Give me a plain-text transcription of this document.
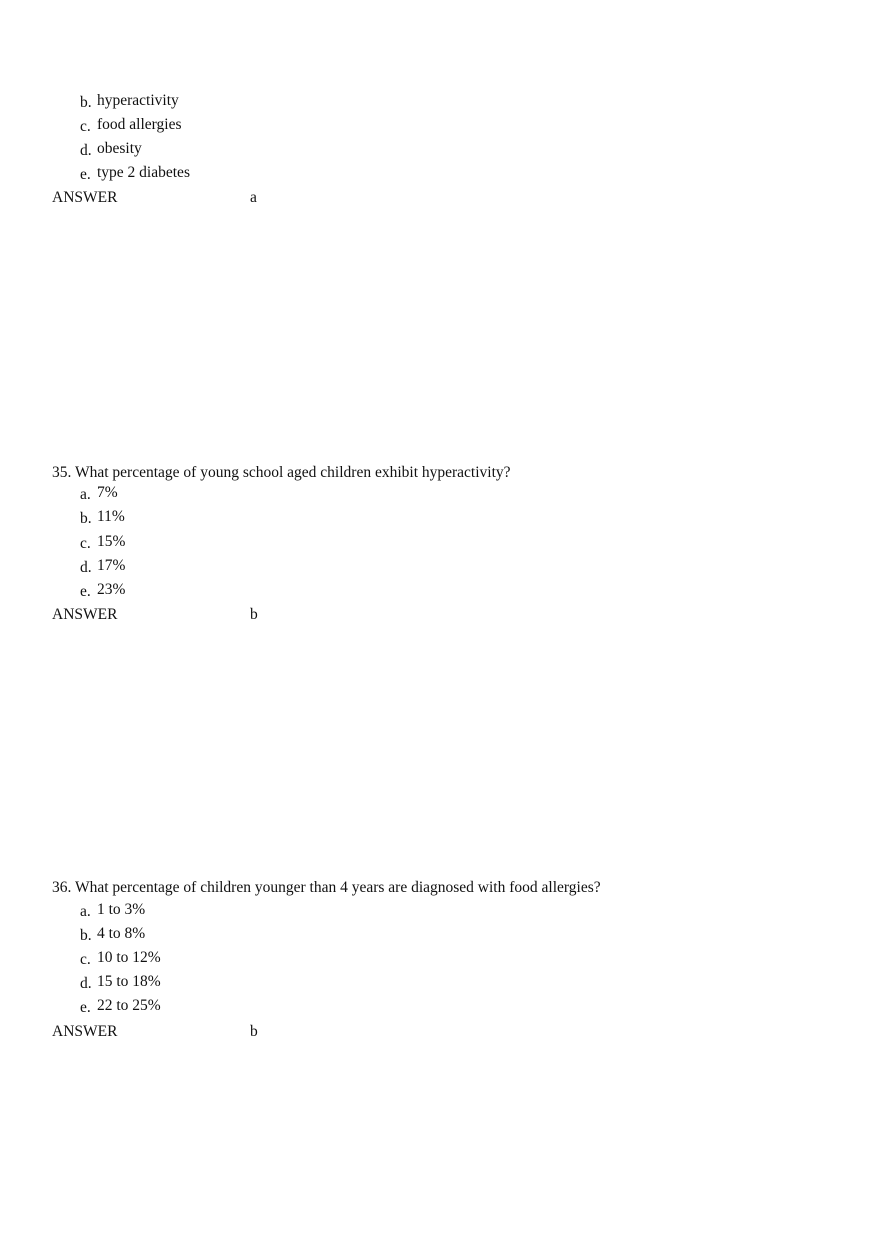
b. hyperactivity
c. food allergies
d. obesity
e. type 2 diabetes
ANSWER	a
35. What percentage of young school aged children exhibit hyperactivity?
a. 7%
b. 11%
c. 15%
d. 17%
e. 23%
ANSWER	b
36. What percentage of children younger than 4 years are diagnosed with food allergies?
a. 1 to 3%
b. 4 to 8%
c. 10 to 12%
d. 15 to 18%
e. 22 to 25%
ANSWER	b
